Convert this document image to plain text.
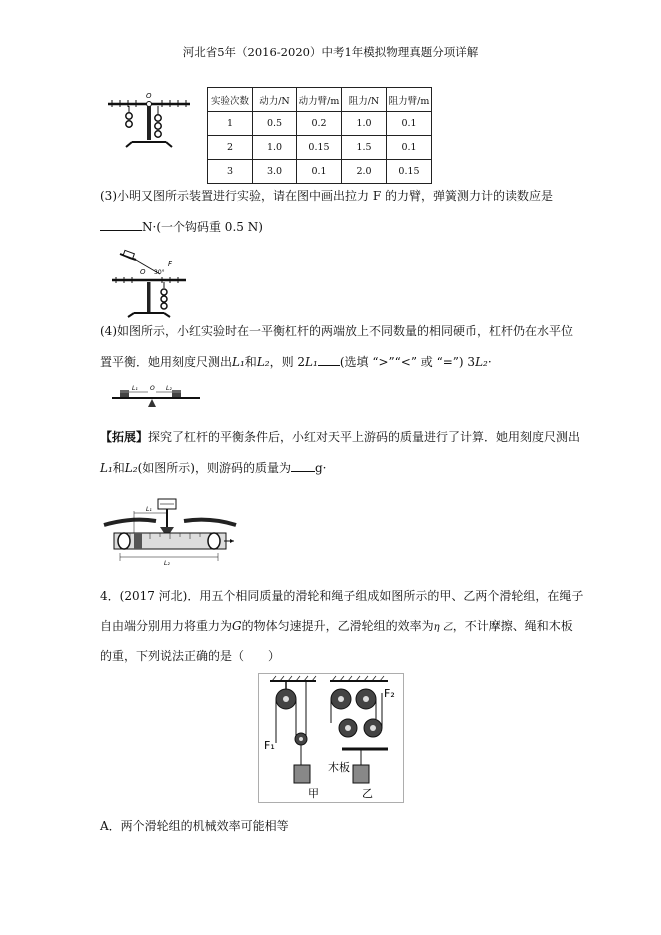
河北省5年（2016-2020）中考1年模拟物理真题分项详解
O	实验次数	动力/N	动力臂/m	阻力/N	阻力臂/m
1	0.5	0.2	1.0	0.1
2	1.0	0.15	1.5	0.1
3	3.0	0.1	2.0	0.15
(3)小明又图所示装置进行实验，请在图中画出拉力 F 的力臂，弹簧测力计的读数应是
N·(一个钩码重 0.5 N)
F
O 30°
(4)如图所示，小红实验时在一平衡杠杆的两端放上不同数量的相同硬币，杠杆仍在水平位
置平衡．她用刻度尺测出L₁和L₂，则 2L₁ (选填 “>”“<” 或 “=”) 3L₂·
L₁ O L₂
【拓展】探究了杠杆的平衡条件后，小红对天平上游码的质量进行了计算．她用刻度尺测出
L₁和L₂(如图所示)，则游码的质量为 g·
L₁
L₂
4．(2017 河北)．用五个相同质量的滑轮和绳子组成如图所示的甲、乙两个滑轮组，在绳子
自由端分别用力将重力为G的物体匀速提升，乙滑轮组的效率为η 乙，不计摩擦、绳和木板
的重，下列说法正确的是（　　）
F₁
F₂
木板
甲	乙
A．两个滑轮组的机械效率可能相等
